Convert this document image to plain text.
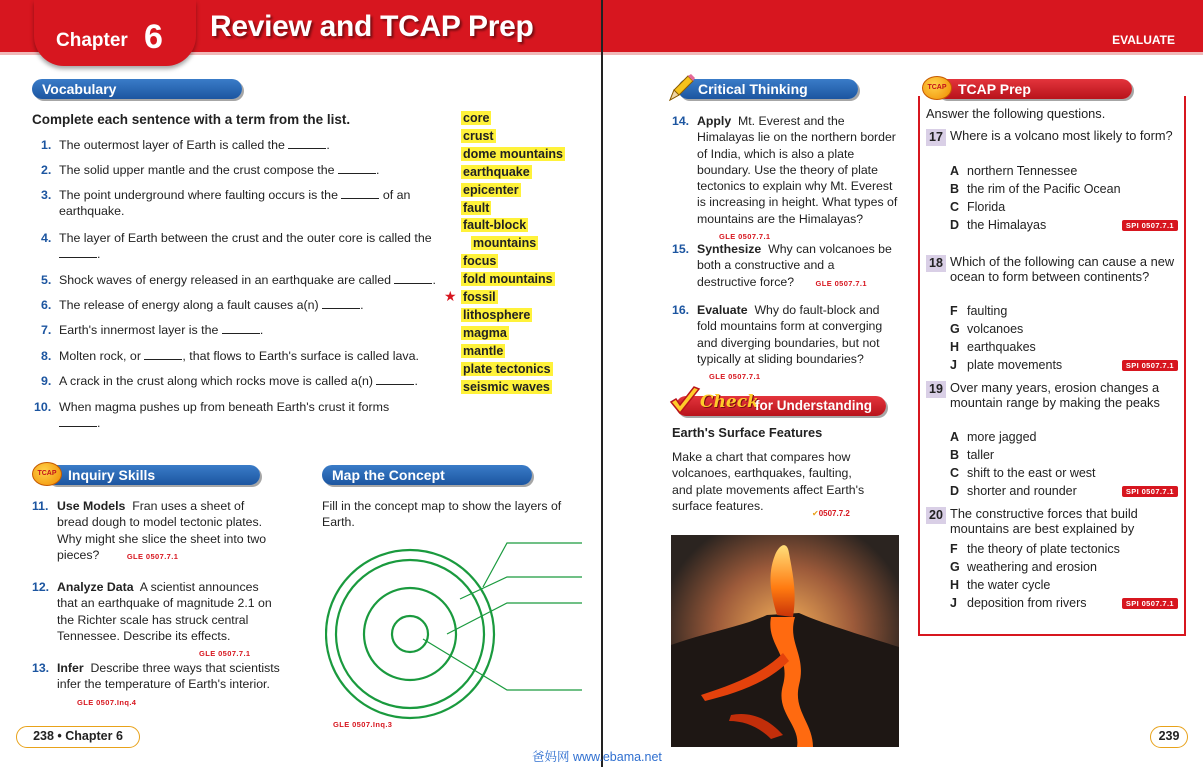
Chapter 6 Review and TCAP Prep	EVALUATE
Vocabulary
Complete each sentence with a term from the list.
1. The outermost layer of Earth is called the	.
2. The solid upper mantle and the crust compose the	.
3. The point underground where faulting occurs is the	of an earthquake.
4. The layer of Earth between the crust and the outer core is called the .
5. Shock waves of energy released in an earthquake are called	.
6. The release of energy along a fault causes a(n)	.
7. Earth's innermost layer is the	.
8. Molten rock, or	, that flows to Earth's surface is called lava.
9. A crack in the crust along which rocks move is called a(n)	.
10. When magma pushes up from beneath Earth's crust it forms .
★
core
crust
dome mountains
earthquake
epicenter
fault
fault-block
mountains
focus
fold mountains
fossil
lithosphere
magma
mantle
plate tectonics
seismic waves
Inquiry Skills
TCAP
11. Use Models Fran uses a sheet of bread dough to model tectonic plates. Why might she slice the sheet into two pieces?	GLE 0507.7.1
12. Analyze Data A scientist announces that an earthquake of magnitude 2.1 on the Richter scale has struck central Tennessee. Describe its effects.
GLE 0507.7.1
13. Infer Describe three ways that scientists infer the temperature of Earth's interior. GLE 0507.Inq.4
Map the Concept
Fill in the concept map to show the layers of Earth.
GLE 0507.Inq.3
238 • Chapter 6
Critical Thinking
14. Apply Mt. Everest and the Himalayas lie on the northern border of India, which is also a plate boundary. Use the theory of plate tectonics to explain why Mt. Everest is increasing in height. What types of mountains are the Himalayas? GLE 0507.7.1
15. Synthesize Why can volcanoes be both a constructive and a destructive force?	GLE 0507.7.1
16. Evaluate Why do fault-block and fold mountains form at converging and diverging boundaries, but not typically at sliding boundaries? GLE 0507.7.1
Check
for Understanding
Earth's Surface Features
Make a chart that compares how volcanoes, earthquakes, faulting, and plate movements affect Earth's surface features.
✔0507.7.2
TCAP Prep
TCAP
Answer the following questions.
17 Where is a volcano most likely to form?
A northern Tennessee
B the rim of the Pacific Ocean
C Florida
D the Himalayas	SPI 0507.7.1
18 Which of the following can cause a new ocean to form between continents?
F faulting
G volcanoes
H earthquakes
J plate movements	SPI 0507.7.1
19 Over many years, erosion changes a mountain range by making the peaks
A more jagged
B taller
C shift to the east or west
D shorter and rounder	SPI 0507.7.1
20 The constructive forces that build mountains are best explained by
F the theory of plate tectonics
G weathering and erosion
H the water cycle
J deposition from rivers	SPI 0507.7.1
239
爸妈网 www.ebama.net
